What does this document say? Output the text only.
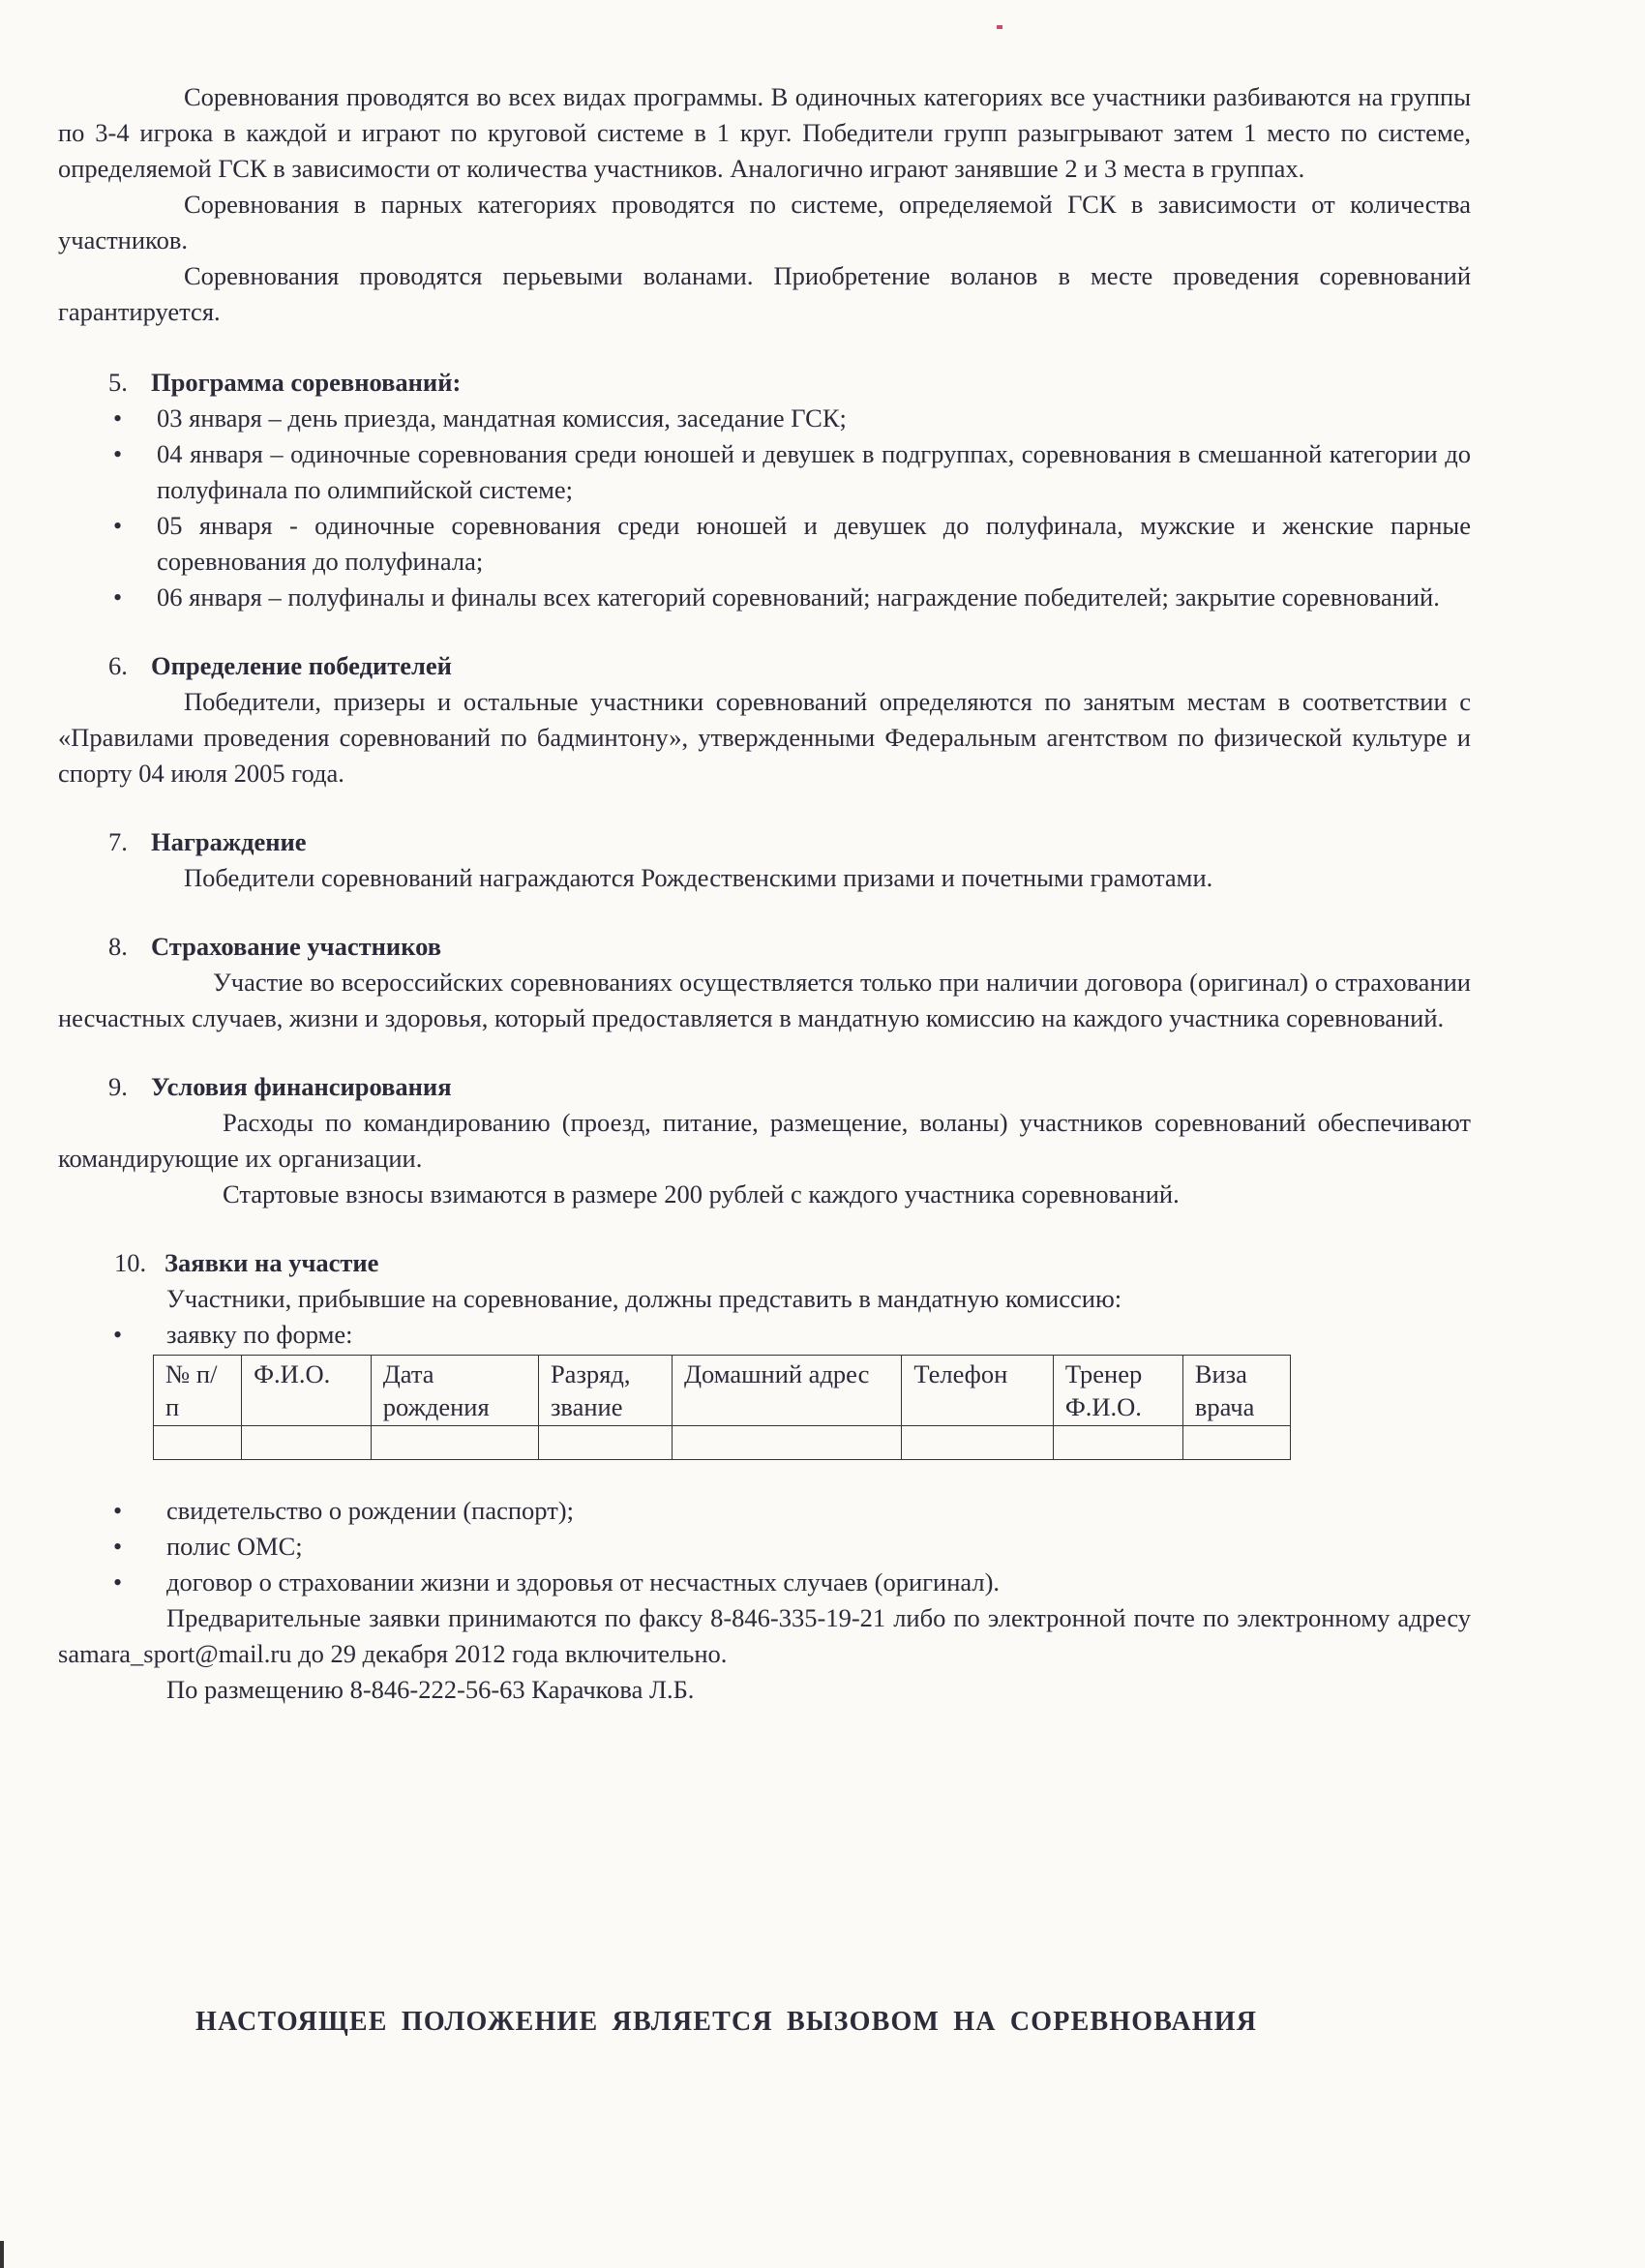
Соревнования проводятся во всех видах программы. В одиночных категориях все участники разбиваются на группы по 3-4 игрока в каждой и играют по круговой системе в 1 круг. Победители групп разыгрывают затем 1 место по системе, определяемой ГСК в зависимости от количества участников. Аналогично играют занявшие 2 и 3 места в группах.

Соревнования в парных категориях проводятся по системе, определяемой ГСК в зависимости от количества участников.

Соревнования проводятся перьевыми воланами. Приобретение воланов в месте проведения соревнований гарантируется.

5. Программа соревнований:
• 03 января – день приезда, мандатная комиссия, заседание ГСК;
• 04 января – одиночные соревнования среди юношей и девушек в подгруппах, соревнования в смешанной категории до полуфинала по олимпийской системе;
• 05 января - одиночные соревнования среди юношей и девушек до полуфинала, мужские и женские парные соревнования до полуфинала;
• 06 января – полуфиналы и финалы всех категорий соревнований; награждение победителей; закрытие соревнований.
6. Определение победителей

Победители, призеры и остальные участники соревнований определяются по занятым местам в соответствии с «Правилами проведения соревнований по бадминтону», утвержденными Федеральным агентством по физической культуре и спорту 04 июля 2005 года.

7. Награждение

Победители соревнований награждаются Рождественскими призами и почетными грамотами.

8. Страхование участников

Участие во всероссийских соревнованиях осуществляется только при наличии договора (оригинал) о страховании несчастных случаев, жизни и здоровья, который предоставляется в мандатную комиссию на каждого участника соревнований.

9. Условия финансирования

Расходы по командированию (проезд, питание, размещение, воланы) участников соревнований обеспечивают командирующие их организации.

Стартовые взносы взимаются в размере 200 рублей с каждого участника соревнований.

10. Заявки на участие

Участники, прибывшие на соревнование, должны представить в мандатную комиссию:

• заявку по форме:
№ п/п	Ф.И.О.	Дата рождения	Разряд, звание	Домашний адрес	Телефон	Тренер Ф.И.О.	Виза врача

• свидетельство о рождении (паспорт);
• полис ОМС;
• договор о страховании жизни и здоровья от несчастных случаев (оригинал).

Предварительные заявки принимаются по факсу 8-846-335-19-21 либо по электронной почте по электронному адресу samara_sport@mail.ru до 29 декабря 2012 года включительно.

По размещению 8-846-222-56-63 Карачкова Л.Б.

НАСТОЯЩЕЕ ПОЛОЖЕНИЕ ЯВЛЯЕТСЯ ВЫЗОВОМ НА СОРЕВНОВАНИЯ
